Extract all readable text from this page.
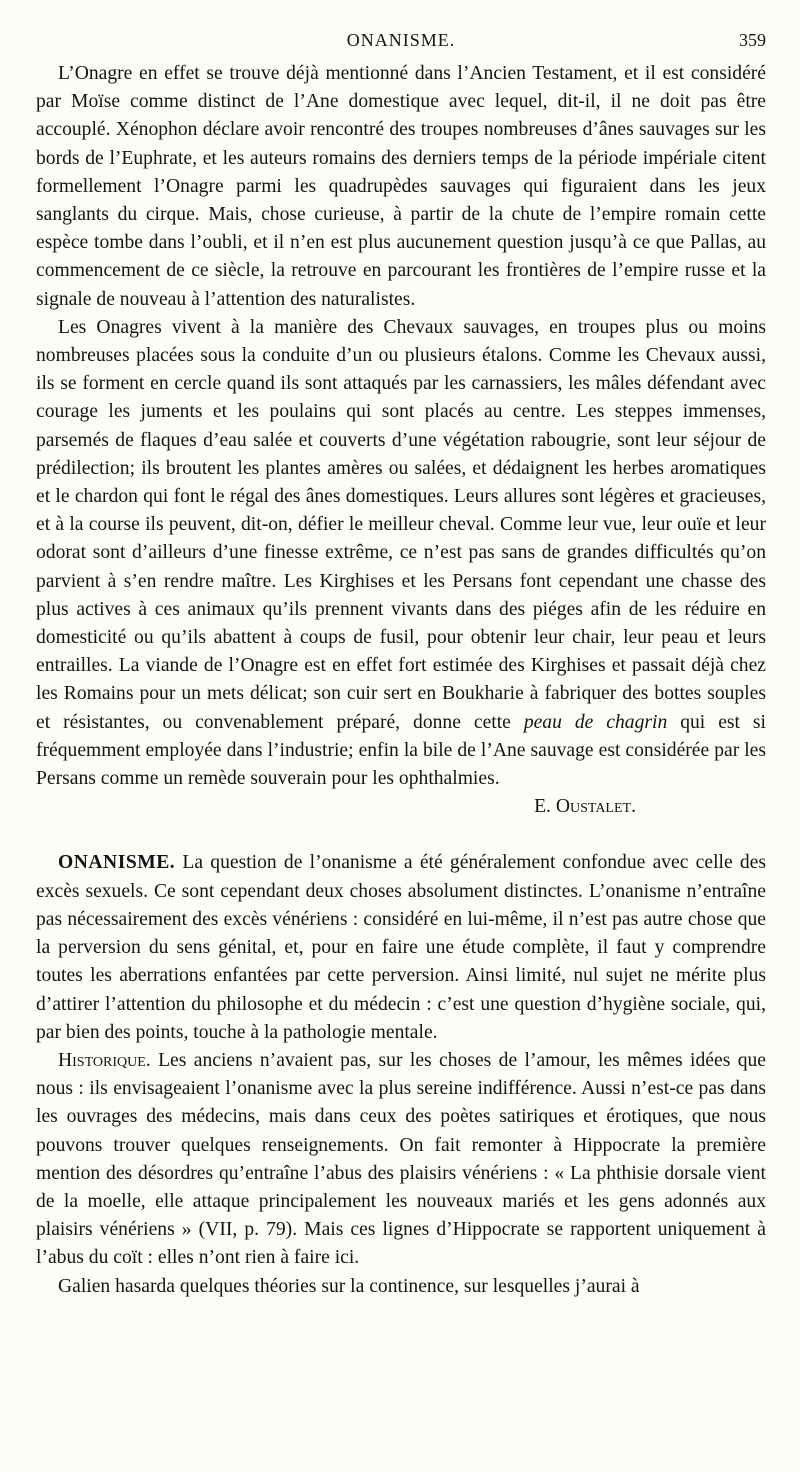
ONANISME.	359

L’Onagre en effet se trouve déjà mentionné dans l’Ancien Testament, et il est considéré par Moïse comme distinct de l’Ane domestique avec lequel, dit-il, il ne doit pas être accouplé. Xénophon déclare avoir rencontré des troupes nombreuses d’ânes sauvages sur les bords de l’Euphrate, et les auteurs romains des derniers temps de la période impériale citent formellement l’Onagre parmi les quadrupèdes sauvages qui figuraient dans les jeux sanglants du cirque. Mais, chose curieuse, à partir de la chute de l’empire romain cette espèce tombe dans l’oubli, et il n’en est plus aucunement question jusqu’à ce que Pallas, au commencement de ce siècle, la retrouve en parcourant les frontières de l’empire russe et la signale de nouveau à l’attention des naturalistes.

Les Onagres vivent à la manière des Chevaux sauvages, en troupes plus ou moins nombreuses placées sous la conduite d’un ou plusieurs étalons. Comme les Chevaux aussi, ils se forment en cercle quand ils sont attaqués par les carnassiers, les mâles défendant avec courage les juments et les poulains qui sont placés au centre. Les steppes immenses, parsemés de flaques d’eau salée et couverts d’une végétation rabougrie, sont leur séjour de prédilection; ils broutent les plantes amères ou salées, et dédaignent les herbes aromatiques et le chardon qui font le régal des ânes domestiques. Leurs allures sont légères et gracieuses, et à la course ils peuvent, dit-on, défier le meilleur cheval. Comme leur vue, leur ouïe et leur odorat sont d’ailleurs d’une finesse extrême, ce n’est pas sans de grandes difficultés qu’on parvient à s’en rendre maître. Les Kirghises et les Persans font cependant une chasse des plus actives à ces animaux qu’ils prennent vivants dans des piéges afin de les réduire en domesticité ou qu’ils abattent à coups de fusil, pour obtenir leur chair, leur peau et leurs entrailles. La viande de l’Onagre est en effet fort estimée des Kirghises et passait déjà chez les Romains pour un mets délicat; son cuir sert en Boukharie à fabriquer des bottes souples et résistantes, ou convenablement préparé, donne cette peau de chagrin qui est si fréquemment employée dans l’industrie; enfin la bile de l’Ane sauvage est considérée par les Persans comme un remède souverain pour les ophthalmies.

E. Oustalet.

ONANISME. La question de l’onanisme a été généralement confondue avec celle des excès sexuels. Ce sont cependant deux choses absolument distinctes. L’onanisme n’entraîne pas nécessairement des excès vénériens : considéré en lui-même, il n’est pas autre chose que la perversion du sens génital, et, pour en faire une étude complète, il faut y comprendre toutes les aberrations enfantées par cette perversion. Ainsi limité, nul sujet ne mérite plus d’attirer l’attention du philosophe et du médecin : c’est une question d’hygiène sociale, qui, par bien des points, touche à la pathologie mentale.

Historique. Les anciens n’avaient pas, sur les choses de l’amour, les mêmes idées que nous : ils envisageaient l’onanisme avec la plus sereine indifférence. Aussi n’est-ce pas dans les ouvrages des médecins, mais dans ceux des poètes satiriques et érotiques, que nous pouvons trouver quelques renseignements. On fait remonter à Hippocrate la première mention des désordres qu’entraîne l’abus des plaisirs vénériens : « La phthisie dorsale vient de la moelle, elle attaque principalement les nouveaux mariés et les gens adonnés aux plaisirs vénériens » (VII, p. 79). Mais ces lignes d’Hippocrate se rapportent uniquement à l’abus du coït : elles n’ont rien à faire ici.

Galien hasarda quelques théories sur la continence, sur lesquelles j’aurai à
